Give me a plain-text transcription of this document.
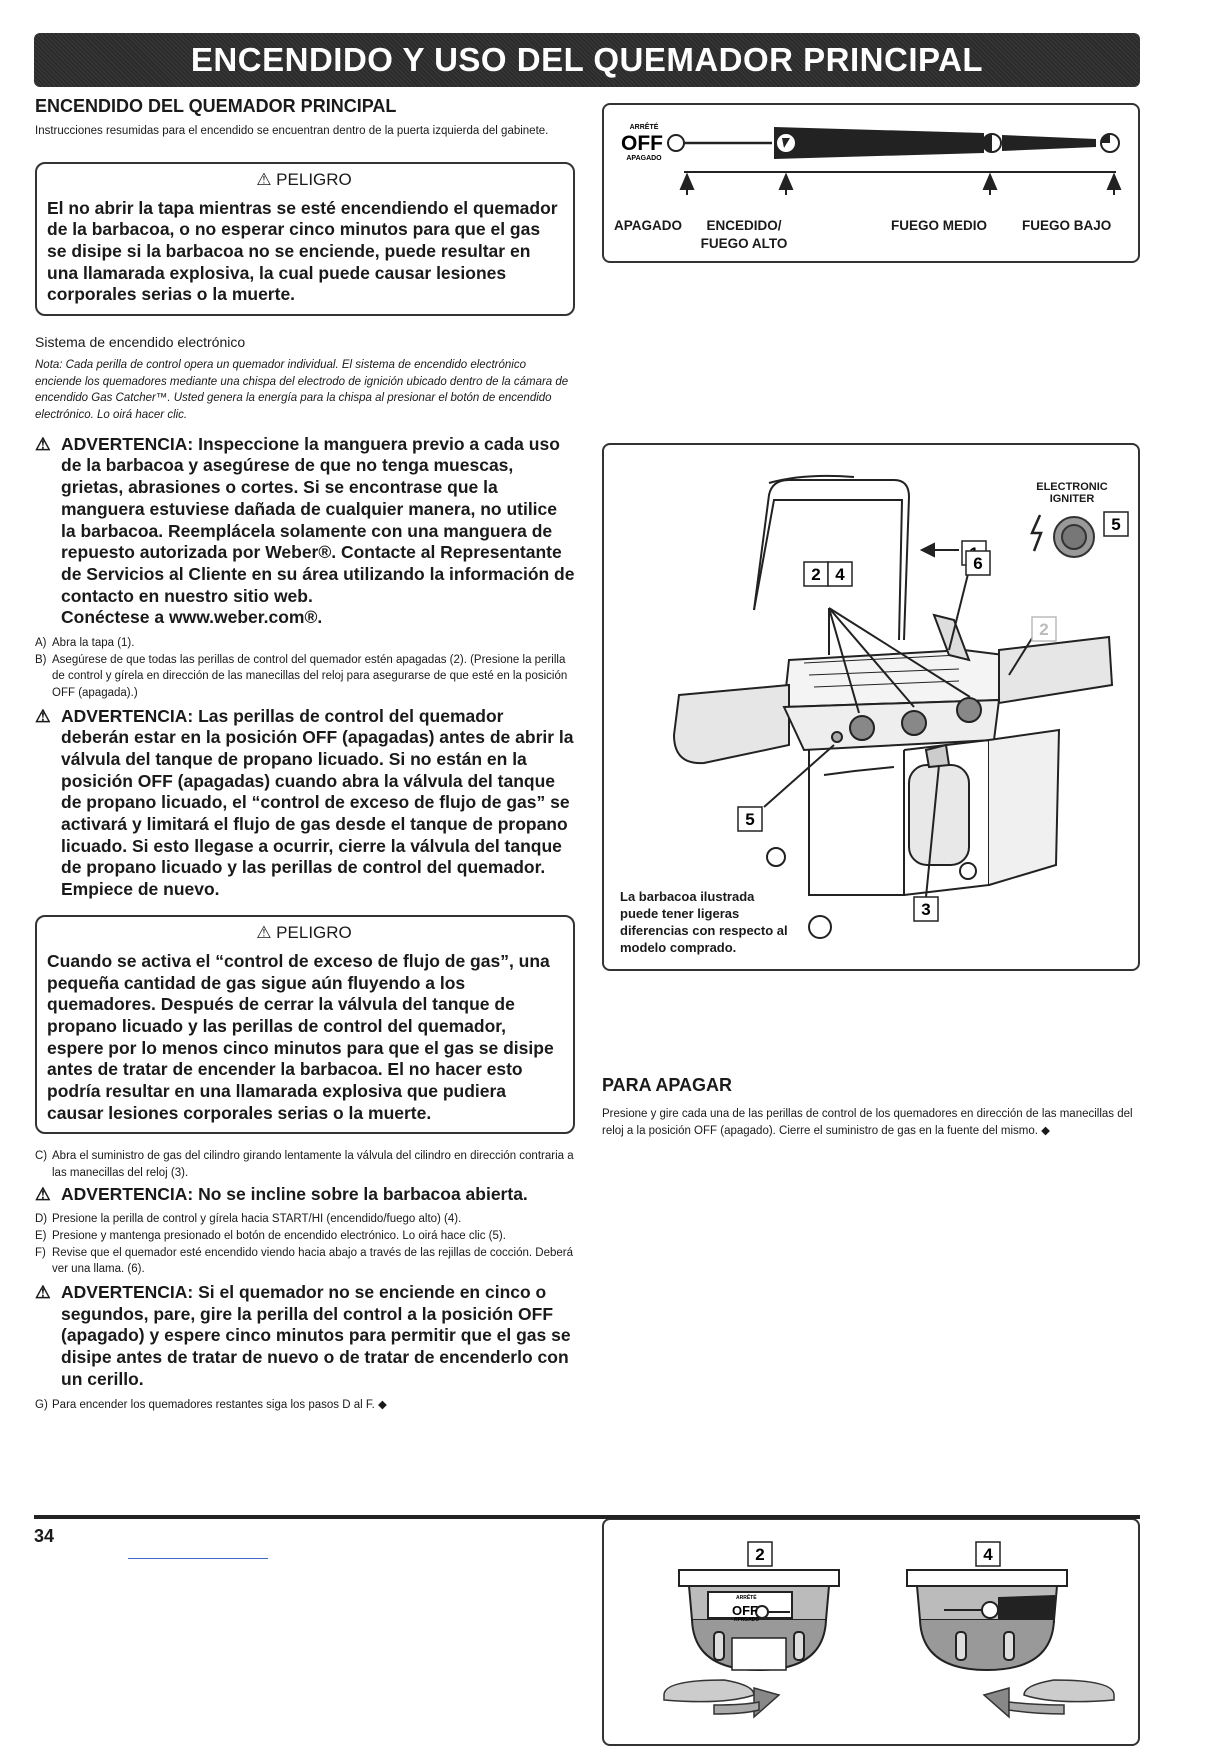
ENCENDIDO Y USO DEL QUEMADOR PRINCIPAL
ENCENDIDO DEL QUEMADOR PRINCIPAL

Instrucciones resumidas para el encendido se encuentran dentro de la puerta izquierda del gabinete.

⚠ PELIGRO
El no abrir la tapa mientras se esté encendiendo el quemador de la barbacoa, o no esperar cinco minutos para que el gas se disipe si la barbacoa no se enciende, puede resultar en una llamarada explosiva, la cual puede causar lesiones corporales serias o la muerte.

Sistema de encendido electrónico

Nota: Cada perilla de control opera un quemador individual. El sistema de encendido electrónico enciende los quemadores mediante una chispa del electrodo de ignición ubicado dentro de la cámara de encendido Gas Catcher™. Usted genera la energía para la chispa al presionar el botón de encendido electrónico. Lo oirá hacer clic.

⚠ ADVERTENCIA: Inspeccione la manguera previo a cada uso de la barbacoa y asegúrese de que no tenga muescas, grietas, abrasiones o cortes. Si se encontrase que la manguera estuviese dañada de cualquier manera, no utilice la barbacoa. Reemplácela solamente con una manguera de repuesto autorizada por Weber®. Contacte al Representante de Servicios al Cliente en su área utilizando la información de contacto en nuestro sitio web.
Conéctese a www.weber.com®.
A) Abra la tapa (1).
B) Asegúrese de que todas las perillas de control del quemador estén apagadas (2). (Presione la perilla de control y gírela en dirección de las manecillas del reloj para asegurarse de que esté en la posición OFF (apagada).)
⚠ ADVERTENCIA: Las perillas de control del quemador deberán estar en la posición OFF (apagadas) antes de abrir la válvula del tanque de propano licuado. Si no están en la posición OFF (apagadas) cuando abra la válvula del tanque de propano licuado, el “control de exceso de flujo de gas” se activará y limitará el flujo de gas desde el tanque de propano licuado. Si esto llegase a ocurrir, cierre la válvula del tanque de propano licuado y las perillas de control del quemador. Empiece de nuevo.
⚠ PELIGRO
Cuando se activa el “control de exceso de flujo de gas”, una pequeña cantidad de gas sigue aún fluyendo a los quemadores. Después de cerrar la válvula del tanque de propano licuado y las perillas de control del quemador, espere por lo menos cinco minutos para que el gas se disipe antes de tratar de encender la barbacoa. El no hacer esto podría resultar en una llamarada explosiva que pudiera causar lesiones corporales serias o la muerte.
C) Abra el suministro de gas del cilindro girando lentamente la válvula del cilindro en dirección contraria a las manecillas del reloj (3).
⚠ ADVERTENCIA: No se incline sobre la barbacoa abierta.
D) Presione la perilla de control y gírela hacia START/HI (encendido/fuego alto) (4).
E) Presione y mantenga presionado el botón de encendido electrónico. Lo oirá hace clic (5).
F) Revise que el quemador esté encendido viendo hacia abajo a través de las rejillas de cocción. Deberá ver una llama. (6).
⚠ ADVERTENCIA: Si el quemador no se enciende en cinco o segundos, pare, gire la perilla del control a la posición OFF (apagado) y espere cinco minutos para permitir que el gas se disipe antes de tratar de nuevo o de tratar de encenderlo con un cerillo.
G) Para encender los quemadores restantes siga los pasos D al F. ◆
ARRÊTÉ
OFF
APAGADO
APAGADO	ENCEDIDO/ FUEGO ALTO
FUEGO MEDIO	FUEGO BAJO
ELECTRONIC IGNITER
2 4
6
5
5
3
2
La barbacoa ilustrada puede tener ligeras diferencias con respecto al modelo comprado.
2	4
ARRÊTÉ
OFF
APAGADO
PARA APAGAR

Presione y gire cada una de las perillas de control de los quemadores en dirección de las manecillas del reloj a la posición OFF (apagado). Cierre el suministro de gas en la fuente del mismo. ◆

34
